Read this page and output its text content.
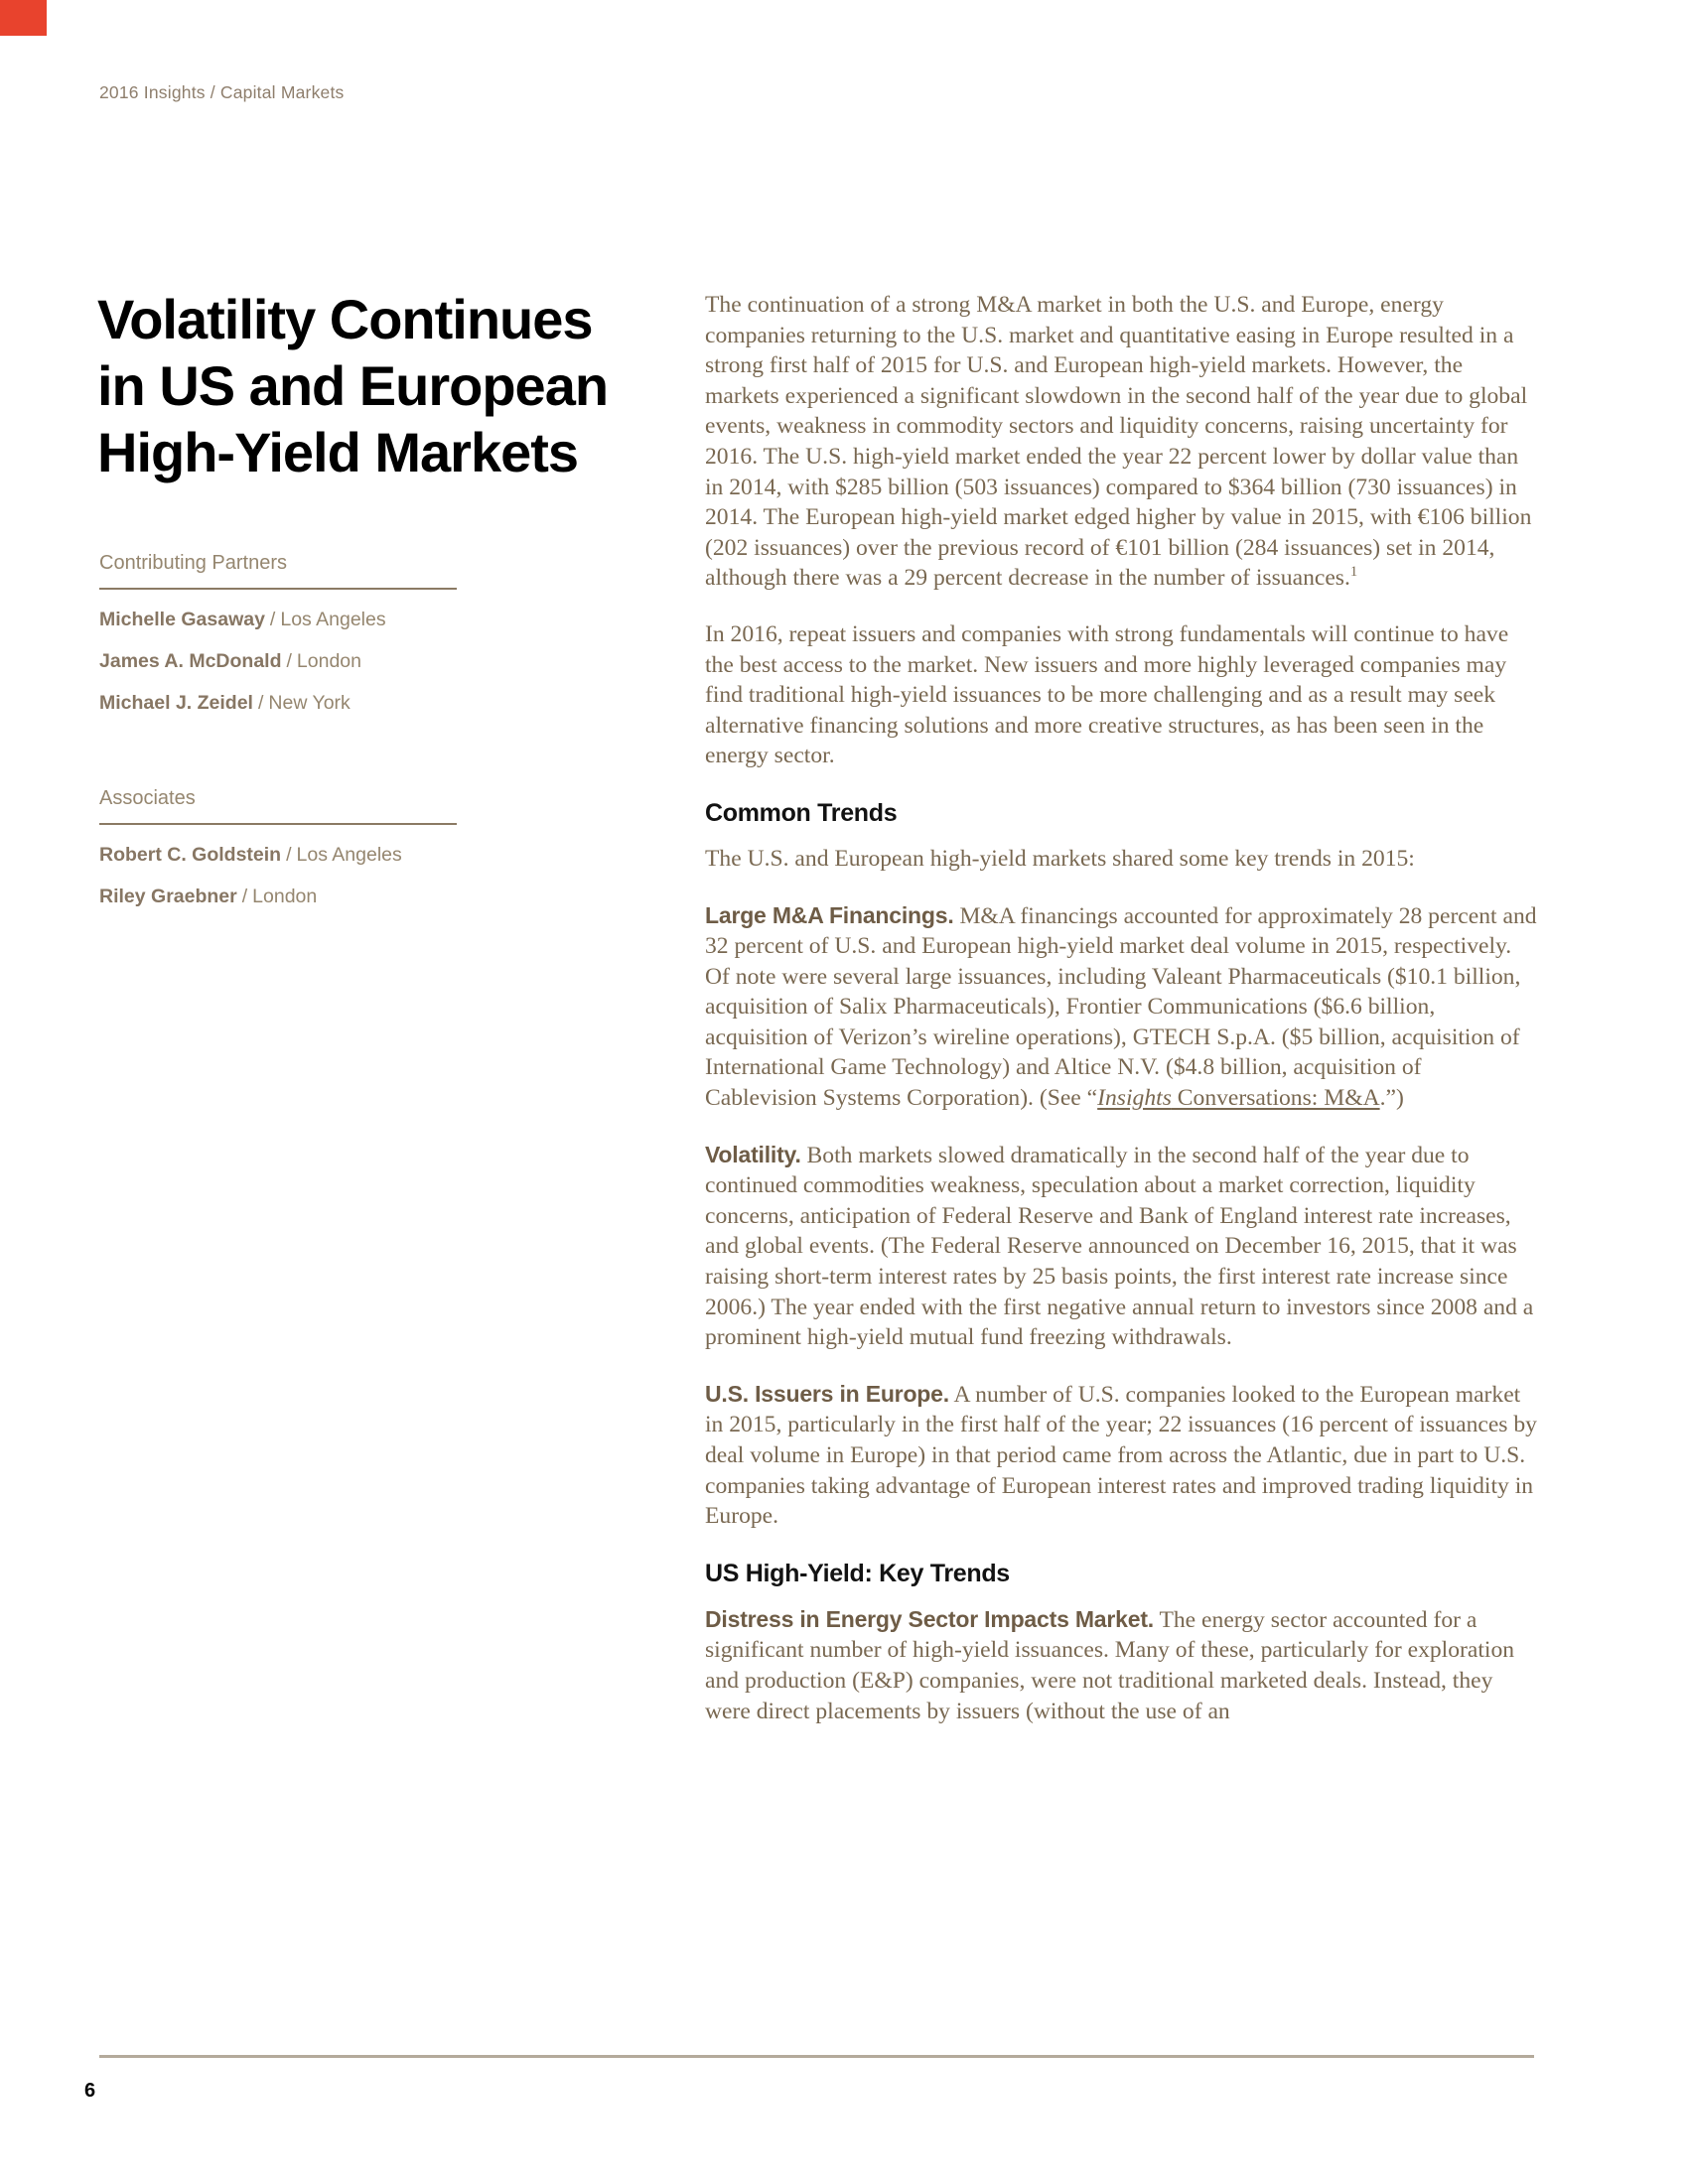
2016 Insights / Capital Markets
Volatility Continues
in US and European
High-Yield Markets
Contributing Partners
Michelle Gasaway / Los Angeles
James A. McDonald / London
Michael J. Zeidel / New York
Associates
Robert C. Goldstein / Los Angeles
Riley Graebner / London

The continuation of a strong M&A market in both the U.S. and Europe, energy companies returning to the U.S. market and quantitative easing in Europe resulted in a strong first half of 2015 for U.S. and European high-yield markets. However, the markets experienced a significant slowdown in the second half of the year due to global events, weakness in commodity sectors and liquidity concerns, raising uncertainty for 2016. The U.S. high-yield market ended the year 22 percent lower by dollar value than in 2014, with $285 billion (503 issuances) compared to $364 billion (730 issuances) in 2014. The European high-yield market edged higher by value in 2015, with €106 billion (202 issuances) over the previous record of €101 billion (284 issuances) set in 2014, although there was a 29 percent decrease in the number of issuances.$^1$

In 2016, repeat issuers and companies with strong fundamentals will continue to have the best access to the market. New issuers and more highly leveraged companies may find traditional high-yield issuances to be more challenging and as a result may seek alternative financing solutions and more creative structures, as has been seen in the energy sector.

Common Trends

The U.S. and European high-yield markets shared some key trends in 2015:

Large M&A Financings. M&A financings accounted for approximately 28 percent and 32 percent of U.S. and European high-yield market deal volume in 2015, respectively. Of note were several large issuances, including Valeant Pharmaceuticals ($10.1 billion, acquisition of Salix Pharmaceuticals), Frontier Communications ($6.6 billion, acquisition of Verizon’s wireline operations), GTECH S.p.A. ($5 billion, acquisition of International Game Technology) and Altice N.V. ($4.8 billion, acquisition of Cablevision Systems Corporation). (See “Insights Conversations: M&A.”)

Volatility. Both markets slowed dramatically in the second half of the year due to continued commodities weakness, speculation about a market correction, liquidity concerns, anticipation of Federal Reserve and Bank of England interest rate increases, and global events. (The Federal Reserve announced on December 16, 2015, that it was raising short-term interest rates by 25 basis points, the first interest rate increase since 2006.) The year ended with the first negative annual return to investors since 2008 and a prominent high-yield mutual fund freezing withdrawals.

U.S. Issuers in Europe. A number of U.S. companies looked to the European market in 2015, particularly in the first half of the year; 22 issuances (16 percent of issuances by deal volume in Europe) in that period came from across the Atlantic, due in part to U.S. companies taking advantage of European interest rates and improved trading liquidity in Europe.

US High-Yield: Key Trends

Distress in Energy Sector Impacts Market. The energy sector accounted for a significant number of high-yield issuances. Many of these, particularly for exploration and production (E&P) companies, were not traditional marketed deals. Instead, they were direct placements by issuers (without the use of an

6
